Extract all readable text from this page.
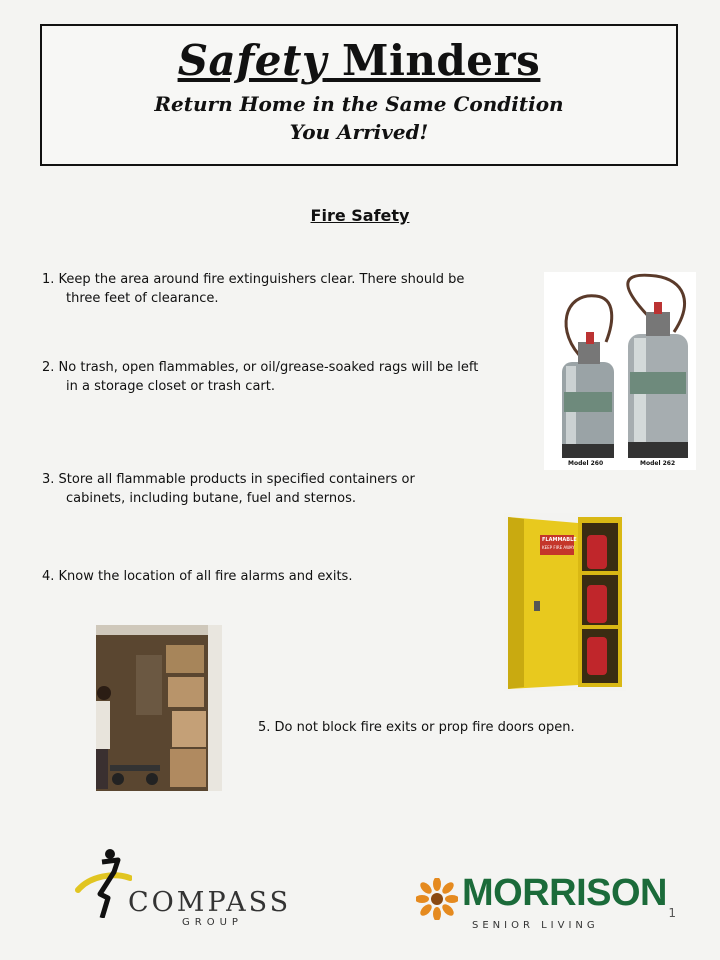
Safety Minders
Return Home in the Same Condition
You Arrived!
Fire Safety
1. Keep the area around fire extinguishers clear. There should be
three feet of clearance.
2. No trash, open flammables, or oil/grease-soaked rags will be left
in a storage closet or trash cart.
3. Store all flammable products in specified containers or
cabinets, including butane, fuel and sternos.
4. Know the location of all fire alarms and exits.
5. Do not block fire exits or prop fire doors open.
Model 260	Model 262
FLAMMABLE
KEEP FIRE AWAY
COMPASS
GROUP
MORRISON
SENIOR LIVING
1
